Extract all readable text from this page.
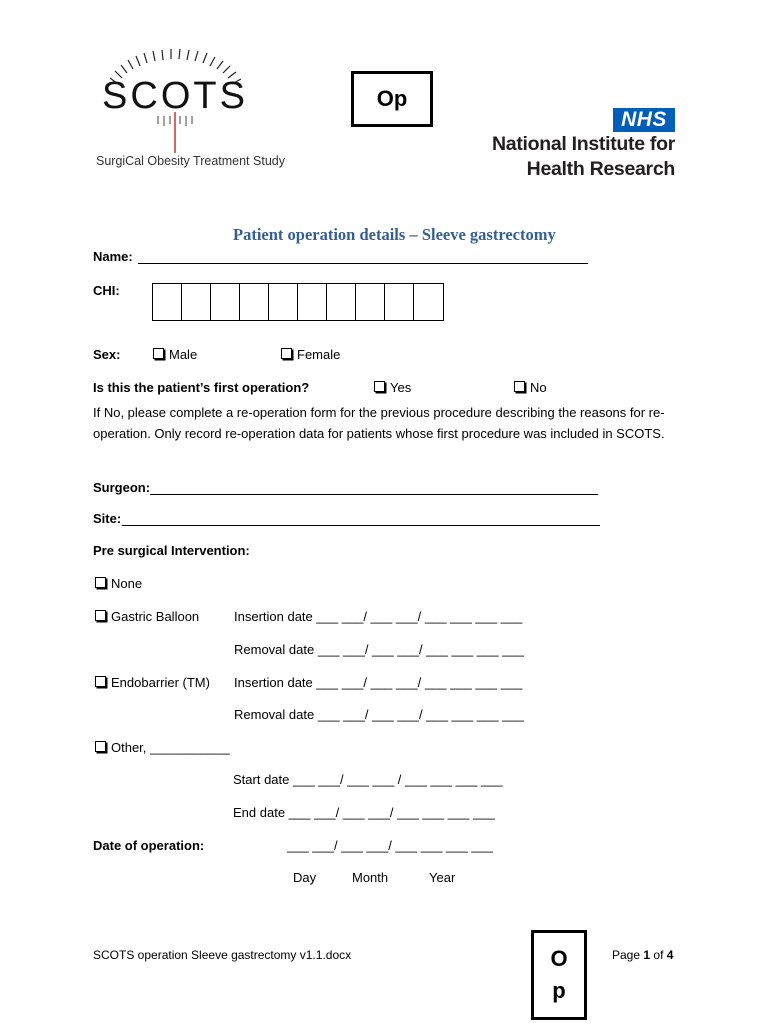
SCOTS
SurgiCal Obesity Treatment Study
Op
NHS
National Institute for
Health Research
Patient operation details – Sleeve gastrectomy
Name:
CHI:
Sex:	Male	Female
Is this the patient’s first operation?	Yes	No
If No, please complete a re-operation form for the previous procedure describing the reasons for re-operation. Only record re-operation data for patients whose first procedure was included in SCOTS.
Surgeon:
Site:
Pre surgical Intervention:
None
Gastric Balloon	Insertion date ___ ___/ ___ ___/ ___ ___ ___ ___
Removal date ___ ___/ ___ ___/ ___ ___ ___ ___
Endobarrier (TM) Insertion date ___ ___/ ___ ___/ ___ ___ ___ ___
Removal date ___ ___/ ___ ___/ ___ ___ ___ ___
Other, ___________
Start date ___ ___/ ___ ___ / ___ ___ ___ ___
End date ___ ___/ ___ ___/ ___ ___ ___ ___
Date of operation:	___ ___/ ___ ___/ ___ ___ ___ ___
Day	Month	Year
SCOTS operation Sleeve gastrectomy v1.1.docx	O
p
Page 1 of 4
